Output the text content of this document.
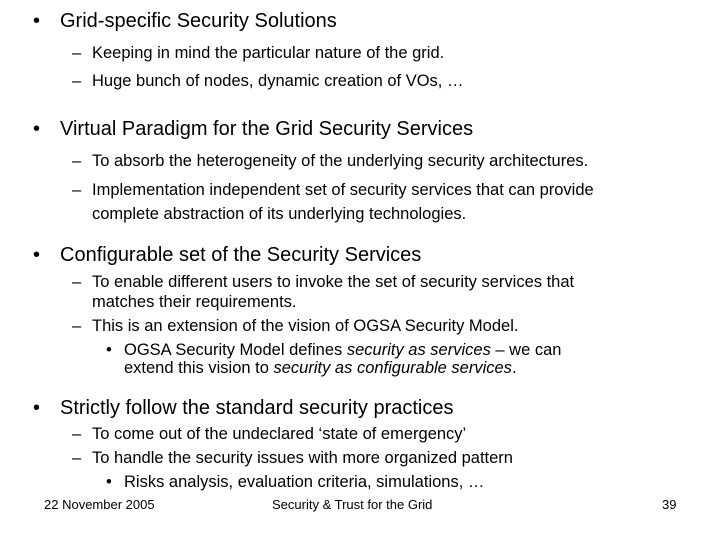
• Grid-specific Security Solutions
– Keeping in mind the particular nature of the grid.
– Huge bunch of nodes, dynamic creation of VOs, …
• Virtual Paradigm for the Grid Security Services
– To absorb the heterogeneity of the underlying security architectures.
– Implementation independent set of security services that can provide
complete abstraction of its underlying technologies.
• Configurable set of the Security Services
– To enable different users to invoke the set of security services that
matches their requirements.
– This is an extension of the vision of OGSA Security Model.
• OGSA Security Model defines security as services – we can
extend this vision to security as configurable services.
• Strictly follow the standard security practices
– To come out of the undeclared ‘state of emergency’
– To handle the security issues with more organized pattern
• Risks analysis, evaluation criteria, simulations, …
22 November 2005	Security & Trust for the Grid	39
